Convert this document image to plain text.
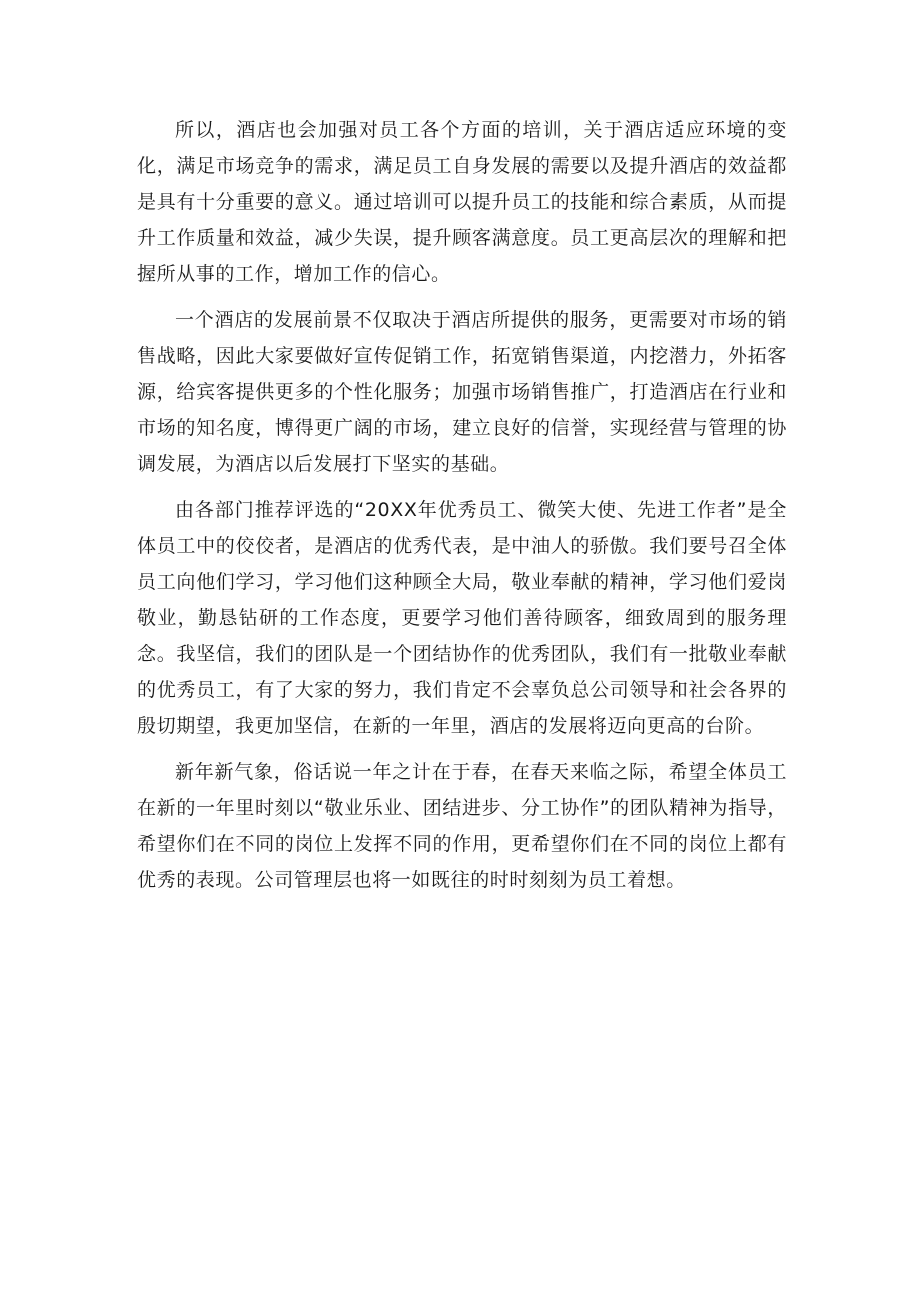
所以，酒店也会加强对员工各个方面的培训，关于酒店适应环境的变化，满足市场竞争的需求，满足员工自身发展的需要以及提升酒店的效益都是具有十分重要的意义。通过培训可以提升员工的技能和综合素质，从而提升工作质量和效益，减少失误，提升顾客满意度。员工更高层次的理解和把握所从事的工作，增加工作的信心。

一个酒店的发展前景不仅取决于酒店所提供的服务，更需要对市场的销售战略，因此大家要做好宣传促销工作，拓宽销售渠道，内挖潜力，外拓客源，给宾客提供更多的个性化服务；加强市场销售推广，打造酒店在行业和市场的知名度，博得更广阔的市场，建立良好的信誉，实现经营与管理的协调发展，为酒店以后发展打下坚实的基础。

由各部门推荐评选的“20XX年优秀员工、微笑大使、先进工作者”是全体员工中的佼佼者，是酒店的优秀代表，是中油人的骄傲。我们要号召全体员工向他们学习，学习他们这种顾全大局，敬业奉献的精神，学习他们爱岗敬业，勤恳钻研的工作态度，更要学习他们善待顾客，细致周到的服务理念。我坚信，我们的团队是一个团结协作的优秀团队，我们有一批敬业奉献的优秀员工，有了大家的努力，我们肯定不会辜负总公司领导和社会各界的殷切期望，我更加坚信，在新的一年里，酒店的发展将迈向更高的台阶。

新年新气象，俗话说一年之计在于春，在春天来临之际，希望全体员工在新的一年里时刻以“敬业乐业、团结进步、分工协作”的团队精神为指导，希望你们在不同的岗位上发挥不同的作用，更希望你们在不同的岗位上都有优秀的表现。公司管理层也将一如既往的时时刻刻为员工着想。
